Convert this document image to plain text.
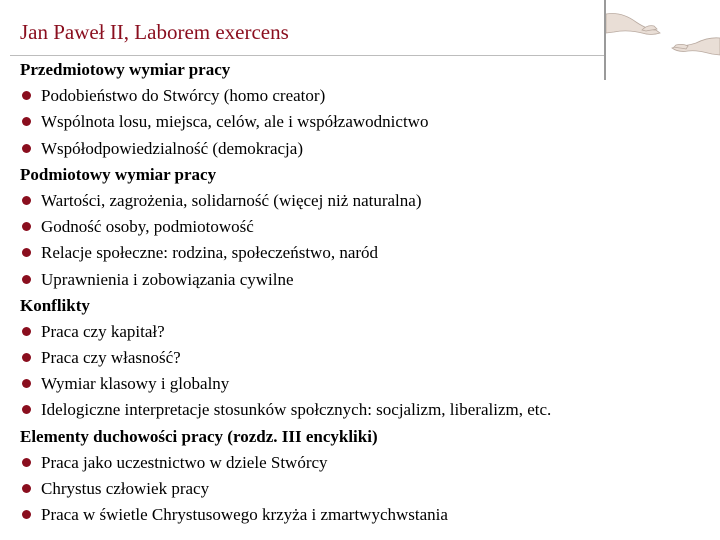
Jan Paweł II, Laborem exercens
Przedmiotowy wymiar pracy
Podobieństwo do Stwórcy (homo creator)
Wspólnota losu, miejsca, celów, ale i współzawodnictwo
Współodpowiedzialność (demokracja)
Podmiotowy wymiar pracy
Wartości, zagrożenia, solidarność (więcej niż naturalna)
Godność osoby, podmiotowość
Relacje społeczne: rodzina, społeczeństwo, naród
Uprawnienia i zobowiązania cywilne
Konflikty
Praca czy kapitał?
Praca czy własność?
Wymiar klasowy i globalny
Idelogiczne interpretacje stosunków społcznych: socjalizm, liberalizm, etc.
Elementy duchowości pracy (rozdz. III encykliki)
Praca jako uczestnictwo w dziele Stwórcy
Chrystus człowiek pracy
Praca w świetle Chrystusowego krzyża i zmartwychwstania
